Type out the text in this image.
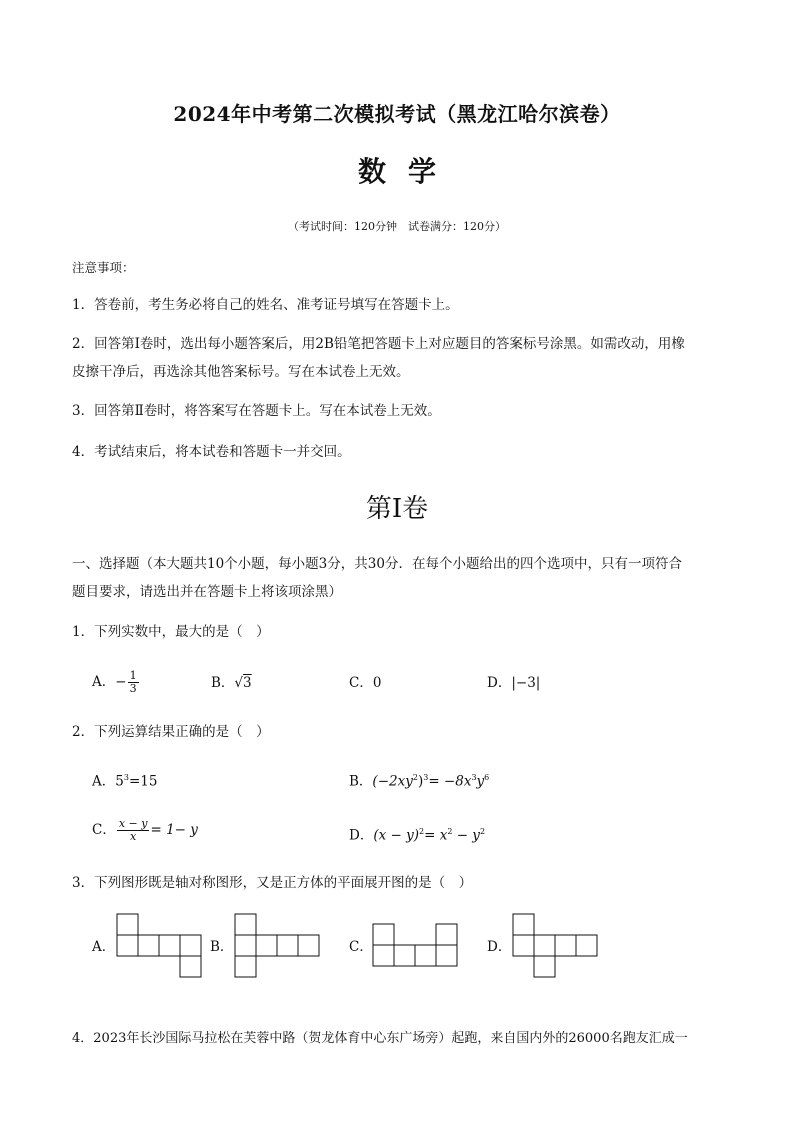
2024年中考第二次模拟考试（黑龙江哈尔滨卷）
数学
（考试时间：120分钟　试卷满分：120分）
注意事项：
1．答卷前，考生务必将自己的姓名、准考证号填写在答题卡上。
2．回答第Ⅰ卷时，选出每小题答案后，用2B铅笔把答题卡上对应题目的答案标号涂黑。如需改动，用橡
皮擦干净后，再选涂其他答案标号。写在本试卷上无效。
3．回答第Ⅱ卷时，将答案写在答题卡上。写在本试卷上无效。
4．考试结束后，将本试卷和答题卡一并交回。
第Ⅰ卷
一、选择题（本大题共10个小题，每小题3分，共30分．在每个小题给出的四个选项中，只有一项符合
题目要求，请选出并在答题卡上将该项涂黑）
1．下列实数中，最大的是（　）
A．− $\frac{1}{3}$	B．√3	C．0	D．|−3|
2．下列运算结果正确的是（　）
A．$5^3=15$	B．$(-2xy^2)^3= -8x^3y^6$
C． $\frac{x - y}{x} = 1- y$	D．$(x - y)^2= x^2 - y^2$
3．下列图形既是轴对称图形，又是正方体的平面展开图的是（　）
A．	B．	C．	D．
4．2023年长沙国际马拉松在芙蓉中路（贺龙体育中心东广场旁）起跑，来自国内外的26000名跑友汇成一
